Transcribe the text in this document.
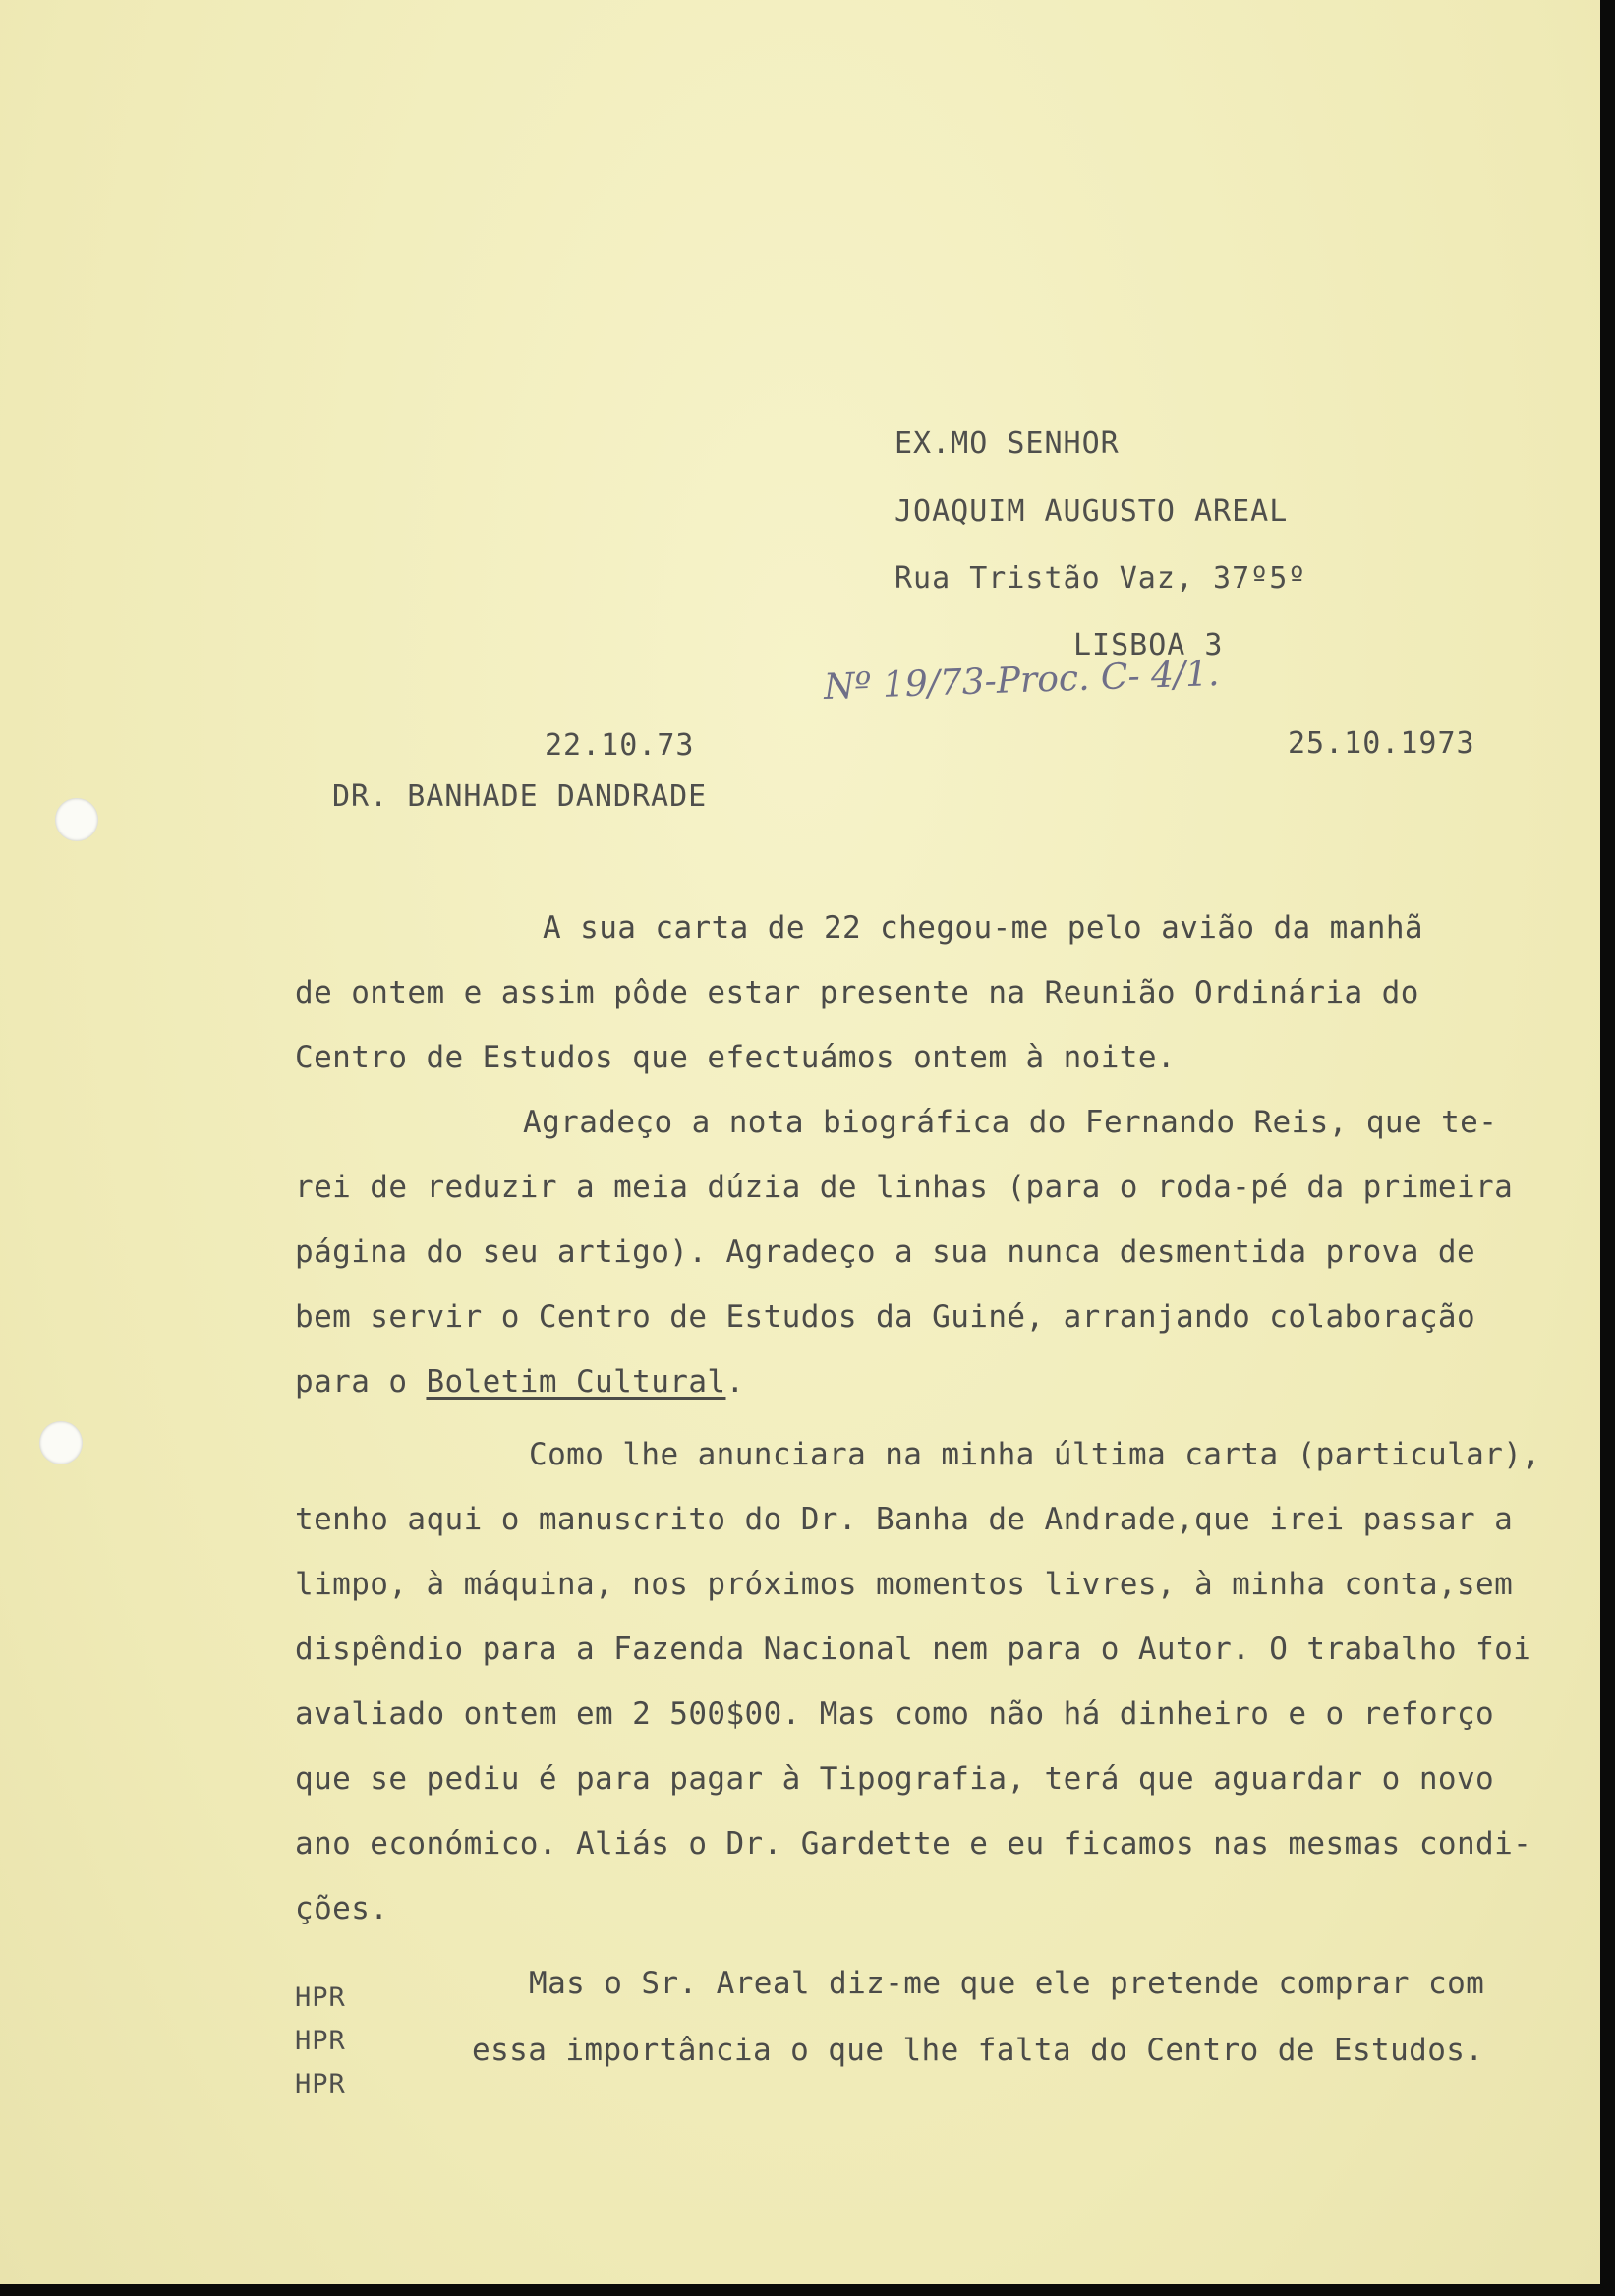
EX.MO SENHOR
JOAQUIM AUGUSTO AREAL
Rua Tristão Vaz, 37º5º
LISBOA 3
Nº 19/73-Proc. C- 4/1.
22.10.73	25.10.1973
DR. BANHADE DANDRADE
A sua carta de 22 chegou-me pelo avião da manhã
de ontem e assim pôde estar presente na Reunião Ordinária do
Centro de Estudos que efectuámos ontem à noite.
Agradeço a nota biográfica do Fernando Reis, que te-
rei de reduzir a meia dúzia de linhas (para o roda-pé da primeira
página do seu artigo). Agradeço a sua nunca desmentida prova de
bem servir o Centro de Estudos da Guiné, arranjando colaboração
para o Boletim Cultural.
Como lhe anunciara na minha última carta (particular),
tenho aqui o manuscrito do Dr. Banha de Andrade,que irei passar a
limpo, à máquina, nos próximos momentos livres, à minha conta,sem
dispêndio para a Fazenda Nacional nem para o Autor. O trabalho foi
avaliado ontem em 2 500$00. Mas como não há dinheiro e o reforço
que se pediu é para pagar à Tipografia, terá que aguardar o novo
ano económico. Aliás o Dr. Gardette e eu ficamos nas mesmas condi-
ções.
Mas o Sr. Areal diz-me que ele pretende comprar com
essa importância o que lhe falta do Centro de Estudos.
HPR
HPR
HPR
